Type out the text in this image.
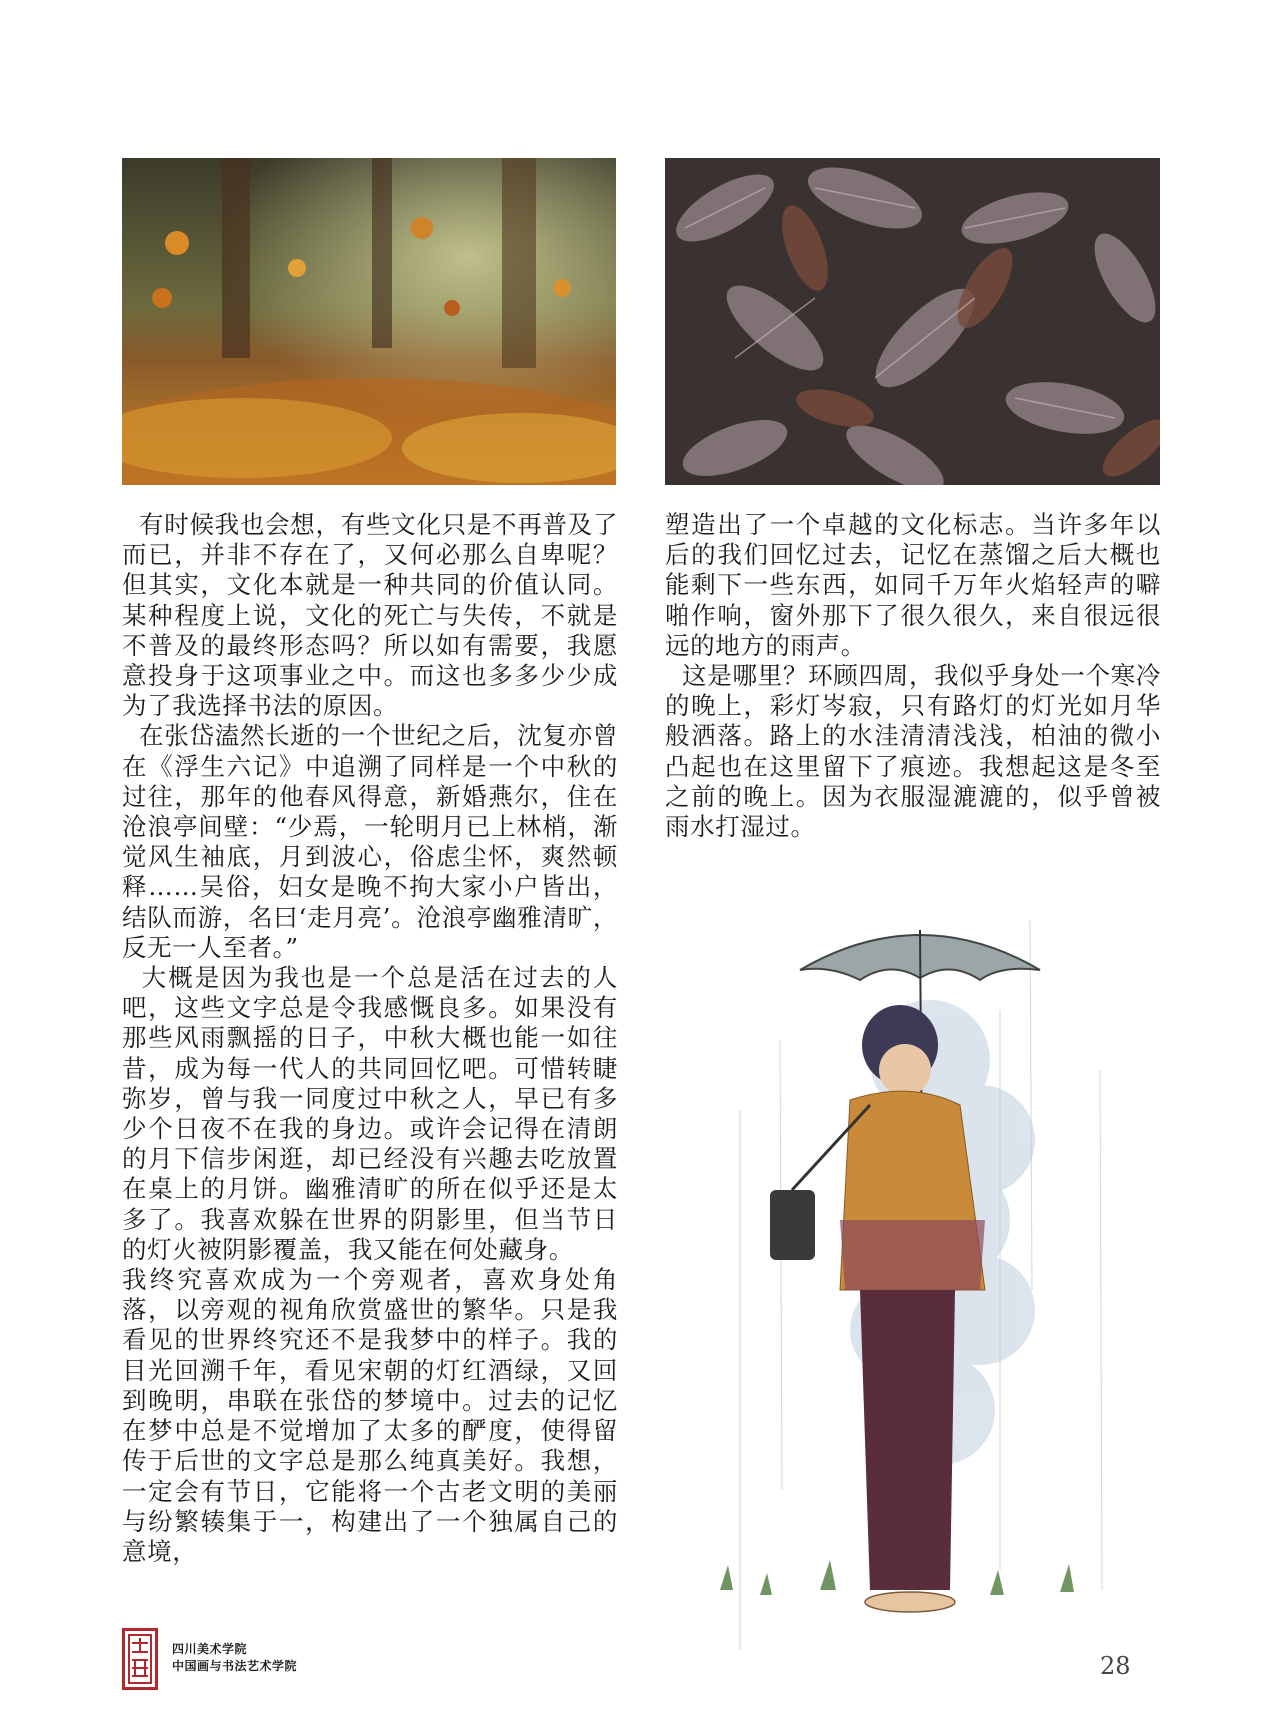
有时候我也会想，有些文化只是不再普及了而已，并非不存在了，又何必那么自卑呢？但其实，文化本就是一种共同的价值认同。某种程度上说，文化的死亡与失传，不就是不普及的最终形态吗？所以如有需要，我愿意投身于这项事业之中。而这也多多少少成为了我选择书法的原因。

在张岱溘然长逝的一个世纪之后，沈复亦曾在《浮生六记》中追溯了同样是一个中秋的过往，那年的他春风得意，新婚燕尔，住在沧浪亭间壁：“少焉，一轮明月已上林梢，渐觉风生袖底，月到波心，俗虑尘怀，爽然顿释……吴俗，妇女是晚不拘大家小户皆出，结队而游，名曰‘走月亮’。沧浪亭幽雅清旷，反无一人至者。”

大概是因为我也是一个总是活在过去的人吧，这些文字总是令我感慨良多。如果没有那些风雨飘摇的日子，中秋大概也能一如往昔，成为每一代人的共同回忆吧。可惜转睫弥岁，曾与我一同度过中秋之人，早已有多少个日夜不在我的身边。或许会记得在清朗的月下信步闲逛，却已经没有兴趣去吃放置在桌上的月饼。幽雅清旷的所在似乎还是太多了。我喜欢躲在世界的阴影里，但当节日的灯火被阴影覆盖，我又能在何处藏身。

我终究喜欢成为一个旁观者，喜欢身处角落，以旁观的视角欣赏盛世的繁华。只是我看见的世界终究还不是我梦中的样子。我的目光回溯千年，看见宋朝的灯红酒绿，又回到晚明，串联在张岱的梦境中。过去的记忆在梦中总是不觉增加了太多的酽度，使得留传于后世的文字总是那么纯真美好。我想，一定会有节日，它能将一个古老文明的美丽与纷繁辏集于一，构建出了一个独属自己的意境，

塑造出了一个卓越的文化标志。当许多年以后的我们回忆过去，记忆在蒸馏之后大概也能剩下一些东西，如同千万年火焰轻声的噼啪作响，窗外那下了很久很久，来自很远很远的地方的雨声。

这是哪里？环顾四周，我似乎身处一个寒冷的晚上，彩灯岑寂，只有路灯的灯光如月华般洒落。路上的水洼清清浅浅，柏油的微小凸起也在这里留下了痕迹。我想起这是冬至之前的晚上。因为衣服湿漉漉的，似乎曾被雨水打湿过。

四川美术学院
中国画与书法艺术学院	28
